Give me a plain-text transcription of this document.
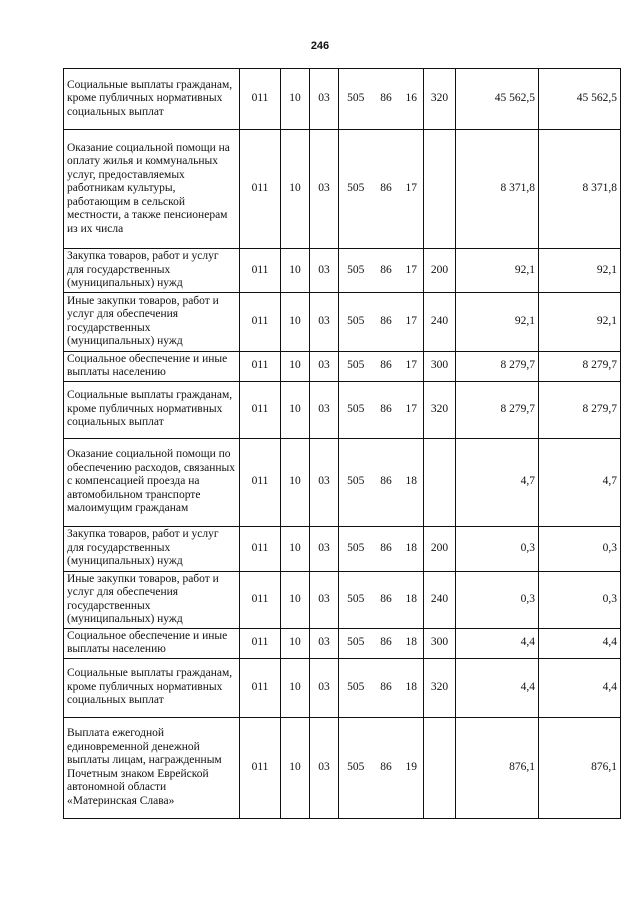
246
Социальные выплаты гражданам, кроме публичных нормативных социальных выплат	011	10	03	505	86	16	320	45 562,5	45 562,5
Оказание социальной помощи на оплату жилья и коммунальных услуг, предоставляемых работникам культуры, работающим в сельской местности, а также пенсионерам из их числа	011	10	03	505	86	17		8 371,8	8 371,8
Закупка товаров, работ и услуг для государственных (муниципальных) нужд	011	10	03	505	86	17	200	92,1	92,1
Иные закупки товаров, работ и услуг для обеспечения государственных (муниципальных) нужд	011	10	03	505	86	17	240	92,1	92,1
Социальное обеспечение и иные выплаты населению	011	10	03	505	86	17	300	8 279,7	8 279,7
Социальные выплаты гражданам, кроме публичных нормативных социальных выплат	011	10	03	505	86	17	320	8 279,7	8 279,7
Оказание социальной помощи по обеспечению расходов, связанных с компенсацией проезда на автомобильном транспорте малоимущим гражданам	011	10	03	505	86	18		4,7	4,7
Закупка товаров, работ и услуг для государственных (муниципальных) нужд	011	10	03	505	86	18	200	0,3	0,3
Иные закупки товаров, работ и услуг для обеспечения государственных (муниципальных) нужд	011	10	03	505	86	18	240	0,3	0,3
Социальное обеспечение и иные выплаты населению	011	10	03	505	86	18	300	4,4	4,4
Социальные выплаты гражданам, кроме публичных нормативных социальных выплат	011	10	03	505	86	18	320	4,4	4,4
Выплата ежегодной единовременной денежной выплаты лицам, награжденным Почетным знаком Еврейской автономной области «Материнская Слава»	011	10	03	505	86	19		876,1	876,1
